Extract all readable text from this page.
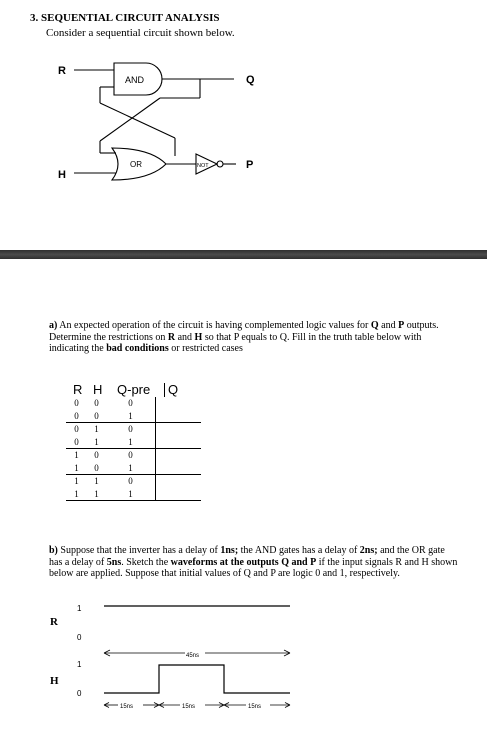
3. SEQUENTIAL CIRCUIT ANALYSIS
Consider a sequential circuit shown below.
R
H
Q
P
AND
OR	NOT
a) An expected operation of the circuit is having complemented logic values for Q and P outputs. Determine the restrictions on R and H so that P equals to Q. Fill in the truth table below with indicating the bad conditions or restricted cases
R H Q-pre Q
0	0	0	
0	0	1	
0	1	0	
0	1	1	
1	0	0	
1	0	1	
1	1	0	
1	1	1	
b) Suppose that the inverter has a delay of 1ns; the AND gates has a delay of 2ns; and the OR gate has a delay of 5ns. Sketch the waveforms at the outputs Q and P if the input signals R and H shown below are applied. Suppose that initial values of Q and P are logic 0 and 1, respectively.
R
H
1
0
1
0
45ns
15ns	15ns	15ns
